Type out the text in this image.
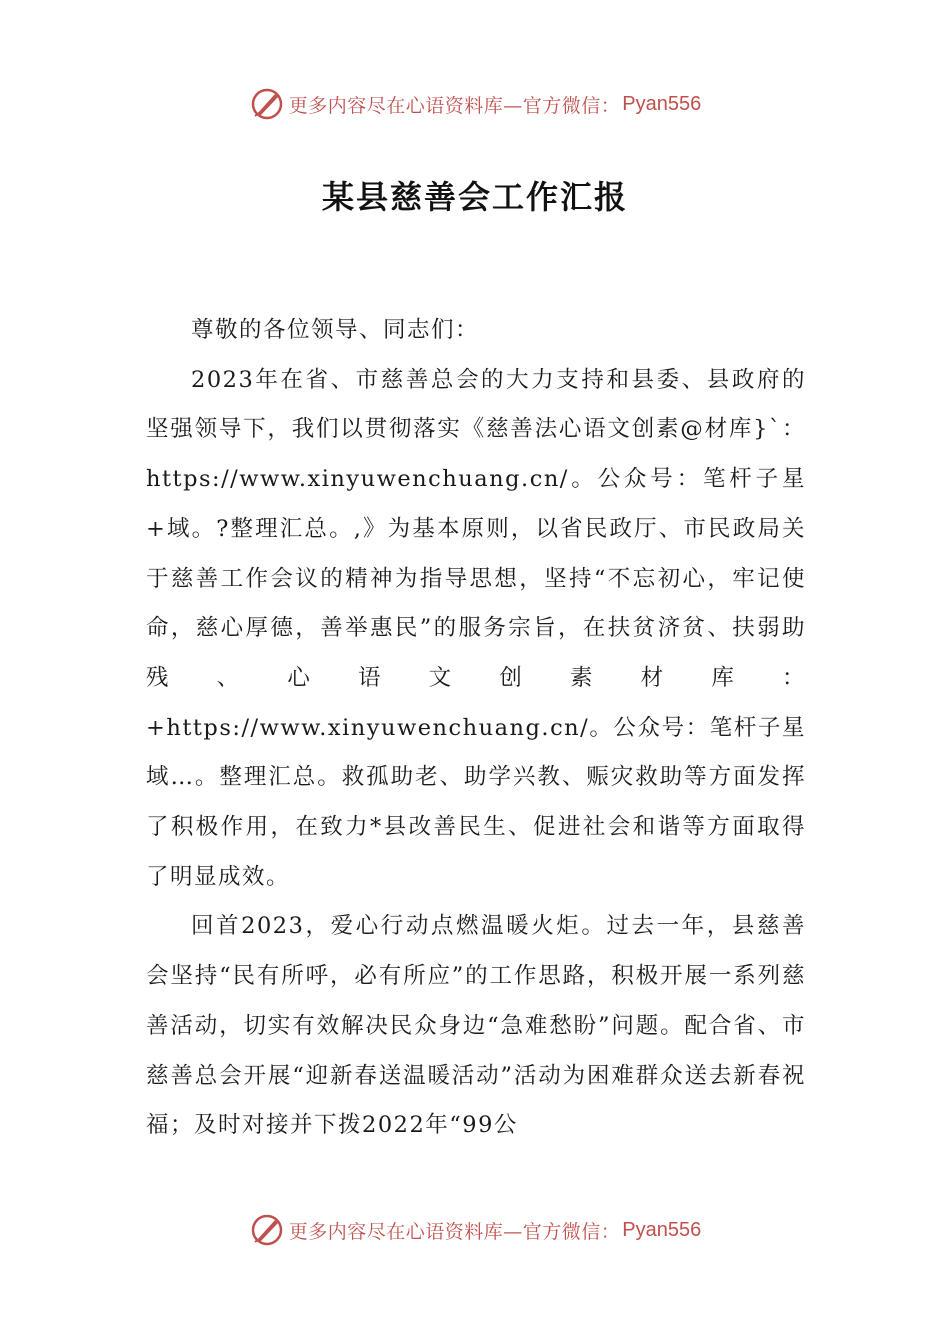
更多内容尽在心语资料库—官方微信： Pyan556
某县慈善会工作汇报

尊敬的各位领导、同志们：

2023年在省、市慈善总会的大力支持和县委、县政府的坚强领导下，我们以贯彻落实《慈善法心语文创素@材库}`：https://www.xinyuwenchuang.cn/。公众号：笔杆子星+域。?整理汇总。,》为基本原则，以省民政厅、市民政局关于慈善工作会议的精神为指导思想，坚持“不忘初心，牢记使命，慈心厚德，善举惠民”的服务宗旨，在扶贫济贫、扶弱助残、心语文创素材库：+https://www.xinyuwenchuang.cn/。公众号：笔杆子星域…。整理汇总。救孤助老、助学兴教、赈灾救助等方面发挥了积极作用，在致力*县改善民生、促进社会和谐等方面取得了明显成效。

回首2023，爱心行动点燃温暖火炬。过去一年，县慈善会坚持“民有所呼，必有所应”的工作思路，积极开展一系列慈善活动，切实有效解决民众身边“急难愁盼”问题。配合省、市慈善总会开展“迎新春送温暖活动”活动为困难群众送去新春祝福；及时对接并下拨2022年“99公

更多内容尽在心语资料库—官方微信： Pyan556
